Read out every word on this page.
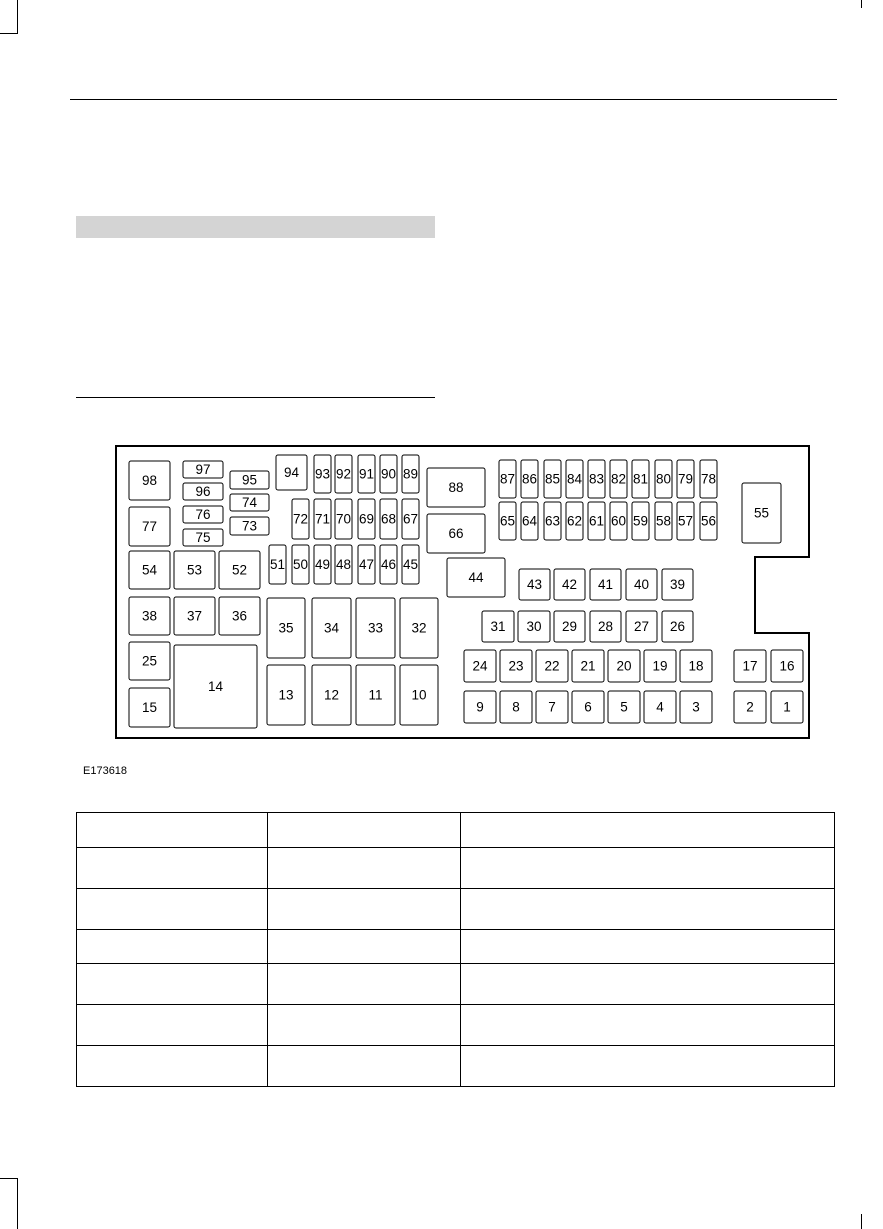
98
97
96
95
74
76
73
75
77
94 93 92 91 90 89
72 71 70 69 68 67
88
66
51 50 49 48 47 46 45
54 53 52	44
87 86 85 84 83 82 81 80 79 78
65 64 63 62 61 60 59 58 57 56
55
43 42 41 40 39
38 37 36
35 34 33 32	31 30 29 28 27 26
25
14
15
13 12 11 10
24 23 22 21 20 19 18	17 16
9 8 7 6 5 4 3	2 1
E173618
